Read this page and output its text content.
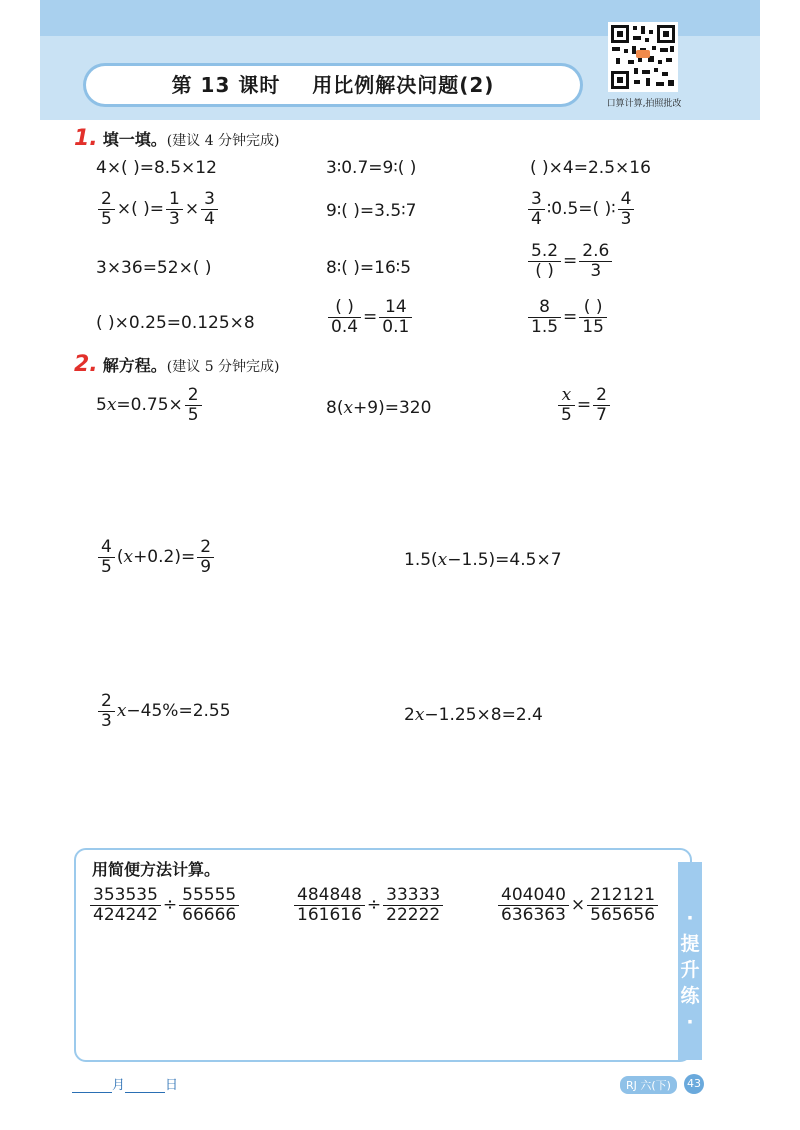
第 13 课时 用比例解决问题(2)
口算计算,拍照批改
1. 填一填。(建议 4 分钟完成)
4×( )=8.5×12	3∶0.7=9∶( )	( )×4=2.5×16
$\frac{2}{5}$ ×( )= $\frac{1}{3} \times \frac{3}{4}$	9∶( )=3.5∶7	$\frac{3}{4}$ ∶0.5=( )∶ $\frac{4}{3}$
3×36=52×( )	8∶( )=16∶5	$\frac{5.2}{( )} = \frac{2.6}{3}$
( )×0.25=0.125×8	$\frac{( )}{0.4} = \frac{14}{0.1}$	$\frac{8}{1.5} = \frac{( )}{15}$
2. 解方程。(建议 5 分钟完成)
$5x=0.75\times \frac{2}{5}$	8(x+9)=320	$\frac{x}{5} = \frac{2}{7}$
$\frac{4}{5} (x+0.2)= \frac{2}{9}$	1.5(x−1.5)=4.5×7
$\frac{2}{3} x-45\%=2.55$	2x−1.25×8=2.4
·提升练·
用简便方法计算。
$\frac{353535}{424242} \div \frac{55555}{66666}$	$\frac{484848}{161616} \div \frac{33333}{22222}$	$\frac{404040}{636363} \times \frac{212121}{565656}$
月	日	RJ 六(下)	43
